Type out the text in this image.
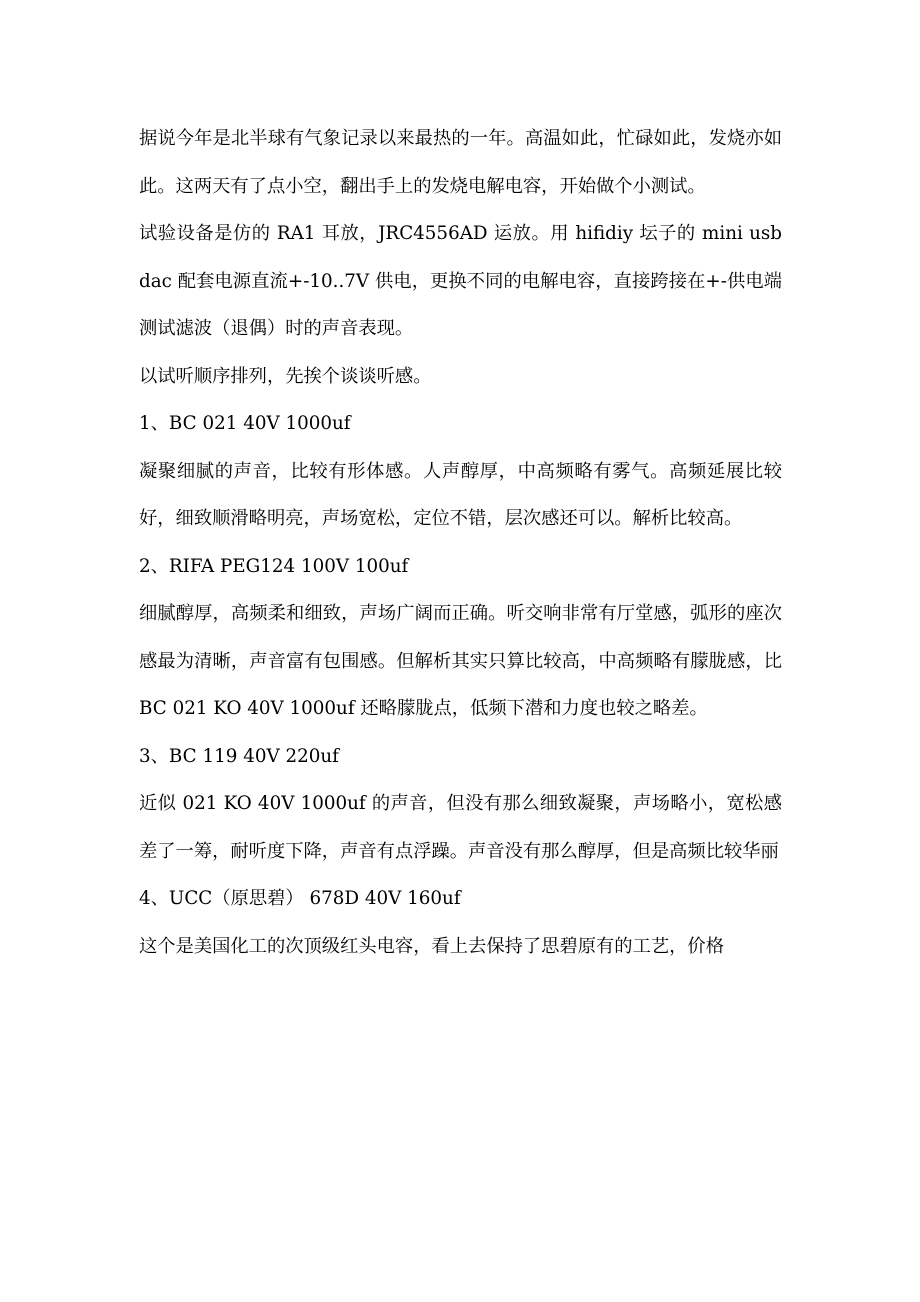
据说今年是北半球有气象记录以来最热的一年。高温如此，忙碌如此，发烧亦如此。这两天有了点小空，翻出手上的发烧电解电容，开始做个小测试。

试验设备是仿的 RA1 耳放，JRC4556AD 运放。用 hifidiy 坛子的 mini usb dac 配套电源直流+-10..7V 供电，更换不同的电解电容，直接跨接在+-供电端测试滤波（退偶）时的声音表现。

以试听顺序排列，先挨个谈谈听感。

1、BC 021 40V 1000uf

凝聚细腻的声音，比较有形体感。人声醇厚，中高频略有雾气。高频延展比较好，细致顺滑略明亮，声场宽松，定位不错，层次感还可以。解析比较高。

2、RIFA PEG124 100V 100uf

细腻醇厚，高频柔和细致，声场广阔而正确。听交响非常有厅堂感，弧形的座次感最为清晰，声音富有包围感。但解析其实只算比较高，中高频略有朦胧感，比 BC 021 KO 40V 1000uf 还略朦胧点，低频下潜和力度也较之略差。

3、BC 119 40V 220uf

近似 021 KO 40V 1000uf 的声音，但没有那么细致凝聚，声场略小，宽松感差了一筹，耐听度下降，声音有点浮躁。声音没有那么醇厚，但是高频比较华丽

4、UCC（原思碧） 678D 40V 160uf

这个是美国化工的次顶级红头电容，看上去保持了思碧原有的工艺，价格
